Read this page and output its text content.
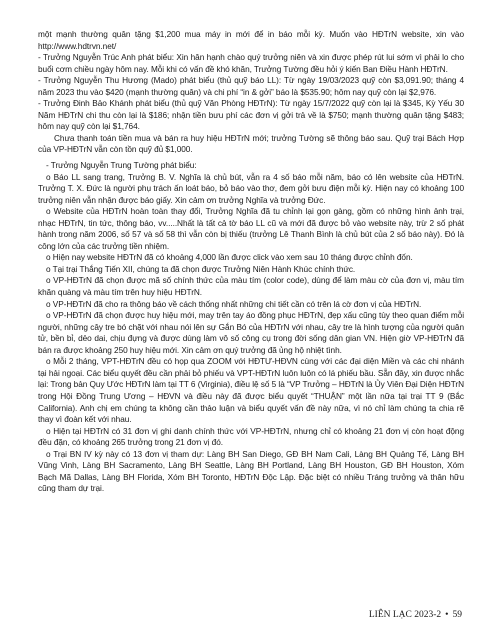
một mạnh thường quân tặng $1,200 mua máy in mới để in báo mỗi kỳ. Muốn vào HĐTrN website, xin vào http://www.hdtrvn.net/

- Trưởng Nguyễn Trúc Anh phát biểu: Xin hân hạnh chào quý trưởng niên và xin được phép rút lui sớm vì phải lo cho buổi cơm chiều ngày hôm nay. Mỗi khi có vấn đề khó khăn, Trưởng Tường đều hỏi ý kiến Ban Điều Hành HĐTrN.

- Trưởng Nguyễn Thu Hương (Mado) phát biểu (thủ quỹ báo LL): Từ ngày 19/03/2023 quỹ còn $3,091.90; tháng 4 năm 2023 thu vào $420 (mạnh thường quân) và chi phí “in & gởi” báo là $535.90; hôm nay quỹ còn lại $2,976.

- Trưởng Đinh Bảo Khánh phát biểu (thủ quỹ Văn Phòng HĐTrN): Từ ngày 15/7/2022 quỹ còn lại là $345, Kỳ Yếu 30 Năm HĐTrN chi thu còn lại là $186; nhận tiền bưu phí các đơn vị gởi trả về là $750; mạnh thường quân tặng $483; hôm nay quỹ còn lại $1,764.

Chưa thanh toán tiền mua và bán ra huy hiệu HĐTrN mới; trưởng Tường sẽ thông báo sau. Quỹ trại Bách Hợp của VP-HĐTrN vẫn còn tồn quỹ đủ $1,000.

- Trưởng Nguyễn Trung Tường phát biểu:

o Báo LL sang trang, Trưởng B. V. Nghĩa là chủ bút, vẫn ra 4 số báo mỗi năm, báo có lên website của HĐTrN. Trưởng T. X. Đức là người phụ trách ấn loát báo, bỏ báo vào thơ, đem gởi bưu điện mỗi kỳ. Hiện nay có khoảng 100 trưởng niên vẫn nhận được báo giấy. Xin cảm ơn trưởng Nghĩa và trưởng Đức.

o Website của HĐTrN hoàn toàn thay đổi, Trưởng Nghĩa đã tu chỉnh lại gọn gàng, gồm có những hình ảnh trại, nhạc HĐTrN, tin tức, thông báo, vv.....Nhất là tất cả tờ báo LL cũ và mới đã được bỏ vào website này, trừ 2 số phát hành trong năm 2006, số 57 và số 58 thì vẫn còn bị thiếu (trưởng Lê Thanh Bình là chủ bút của 2 số báo này). Đó là công lớn của các trưởng tiền nhiệm.

o Hiện nay website HĐTrN đã có khoảng 4,000 lần được click vào xem sau 10 tháng được chỉnh đốn.

o Tại trại Thắng Tiến XII, chúng ta đã chọn được Trưởng Niên Hành Khúc chính thức.

o VP-HĐTrN đã chọn được mã số chính thức của màu tím (color code), dùng để làm màu cờ của đơn vị, màu tím khăn quàng và màu tím trên huy hiệu HĐTrN.

o VP-HĐTrN đã cho ra thông báo về cách thống nhất những chi tiết cần có trên lá cờ đơn vị của HĐTrN.

o VP-HĐTrN đã chọn được huy hiệu mới, may trên tay áo đồng phục HĐTrN, đẹp xấu cũng tùy theo quan điểm mỗi người, những cây tre bó chặt với nhau nói lên sự Gắn Bó của HĐTrN với nhau, cây tre là hình tượng của người quân tử, bền bỉ, dẻo dai, chịu đựng và được dùng làm vô số công cụ trong đời sống dân gian VN. Hiện giờ VP-HĐTrN đã bán ra được khoảng 250 huy hiệu mới. Xin cảm ơn quý trưởng đã ủng hộ nhiệt tình.

o Mỗi 2 tháng, VPT-HĐTrN đều có họp qua ZOOM với HĐTƯ-HĐVN cùng với các đại diện Miền và các chi nhánh tại hải ngoại. Các biểu quyết đều cần phải bỏ phiếu và VPT-HĐTrN luôn luôn có lá phiếu bầu. Sẵn đây, xin được nhắc lại: Trong bản Quy Ước HĐTrN làm tại TT 6 (Virginia), điều lệ số 5 là “VP Trưởng – HĐTrN là Ủy Viên Đại Diện HĐTrN trong Hội Đồng Trung Ương – HĐVN và điều này đã được biểu quyết “THUẬN” một lần nữa tại trại TT 9 (Bắc California). Anh chị em chúng ta không cần thảo luận và biểu quyết vấn đề này nữa, vì nó chỉ làm chúng ta chia rẽ thay vì đoàn kết với nhau.

o Hiện tại HĐTrN có 31 đơn vị ghi danh chính thức với VP-HĐTrN, nhưng chỉ có khoảng 21 đơn vị còn hoạt động đều đặn, có khoảng 265 trưởng trong 21 đơn vị đó.

o Trại BN IV kỳ này có 13 đơn vị tham dự: Làng BH San Diego, GĐ BH Nam Cali, Làng BH Quảng Tế, Làng BH Vũng Vinh, Làng BH Sacramento, Làng BH Seattle, Làng BH Portland, Làng BH Houston, GĐ BH Houston, Xóm Bạch Mã Dallas, Làng BH Florida, Xóm BH Toronto, HĐTrN Độc Lập. Đặc biệt có nhiều Tráng trưởng và thân hữu cũng tham dự trại.

LIÊN LẠC 2023-2 • 59
